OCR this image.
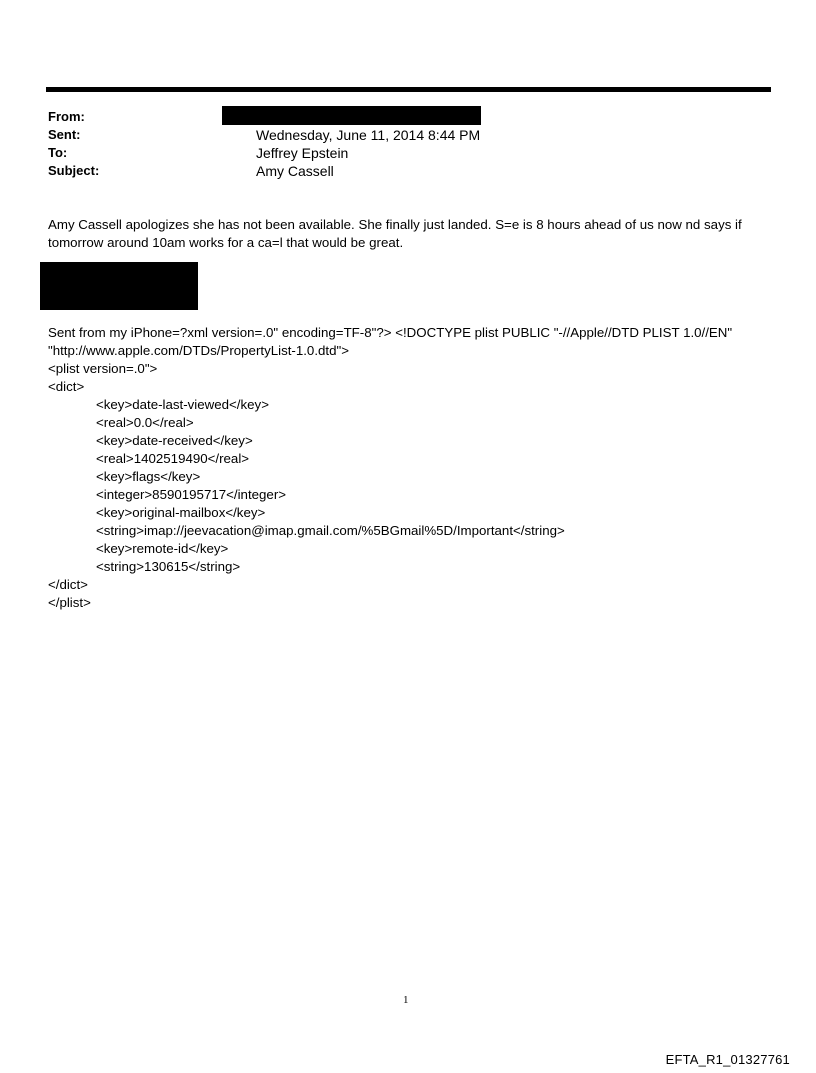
From:
Sent:
To:
Subject:
Wednesday, June 11, 2014 8:44 PM
Jeffrey Epstein
Amy Cassell
Amy Cassell apologizes she has not been available. She finally just landed. S=e is 8 hours ahead of us now nd says if
tomorrow around 10am works for a ca=l that would be great.
Sent from my iPhone=?xml version=.0" encoding=TF-8"?> <!DOCTYPE plist PUBLIC "-//Apple//DTD PLIST 1.0//EN"
"http://www.apple.com/DTDs/PropertyList-1.0.dtd">
<plist version=.0">
<dict>
<key>date-last-viewed</key>
<real>0.0</real>
<key>date-received</key>
<real>1402519490</real>
<key>flags</key>
<integer>8590195717</integer>
<key>original-mailbox</key>
<string>imap://jeevacation@imap.gmail.com/%5BGmail%5D/Important</string>
<key>remote-id</key>
<string>130615</string>
</dict>
</plist>
1
EFTA_R1_01327761
